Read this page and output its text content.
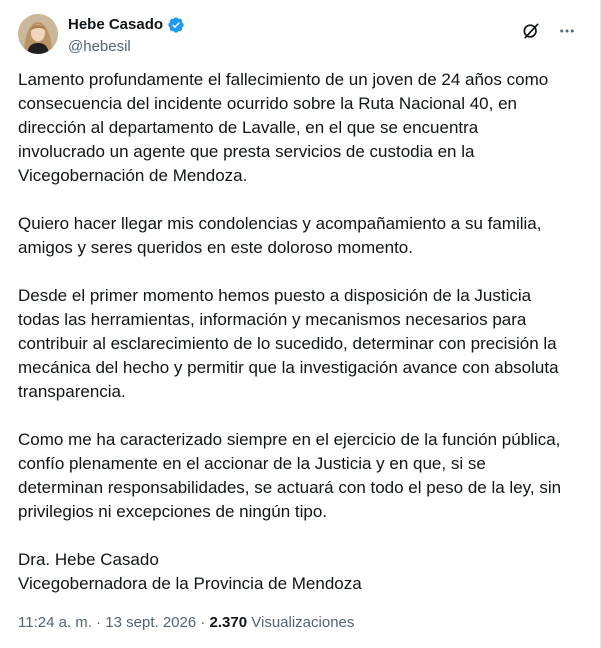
Hebe Casado
@hebesil

Lamento profundamente el fallecimiento de un joven de 24 años como
consecuencia del incidente ocurrido sobre la Ruta Nacional 40, en
dirección al departamento de Lavalle, en el que se encuentra
involucrado un agente que presta servicios de custodia en la
Vicegobernación de Mendoza.

Quiero hacer llegar mis condolencias y acompañamiento a su familia,
amigos y seres queridos en este doloroso momento.

Desde el primer momento hemos puesto a disposición de la Justicia
todas las herramientas, información y mecanismos necesarios para
contribuir al esclarecimiento de lo sucedido, determinar con precisión la
mecánica del hecho y permitir que la investigación avance con absoluta
transparencia.

Como me ha caracterizado siempre en el ejercicio de la función pública,
confío plenamente en el accionar de la Justicia y en que, si se
determinan responsabilidades, se actuará con todo el peso de la ley, sin
privilegios ni excepciones de ningún tipo.

Dra. Hebe Casado
Vicegobernadora de la Provincia de Mendoza

11:24 a. m. · 13 sept. 2026 · 2.370 Visualizaciones
